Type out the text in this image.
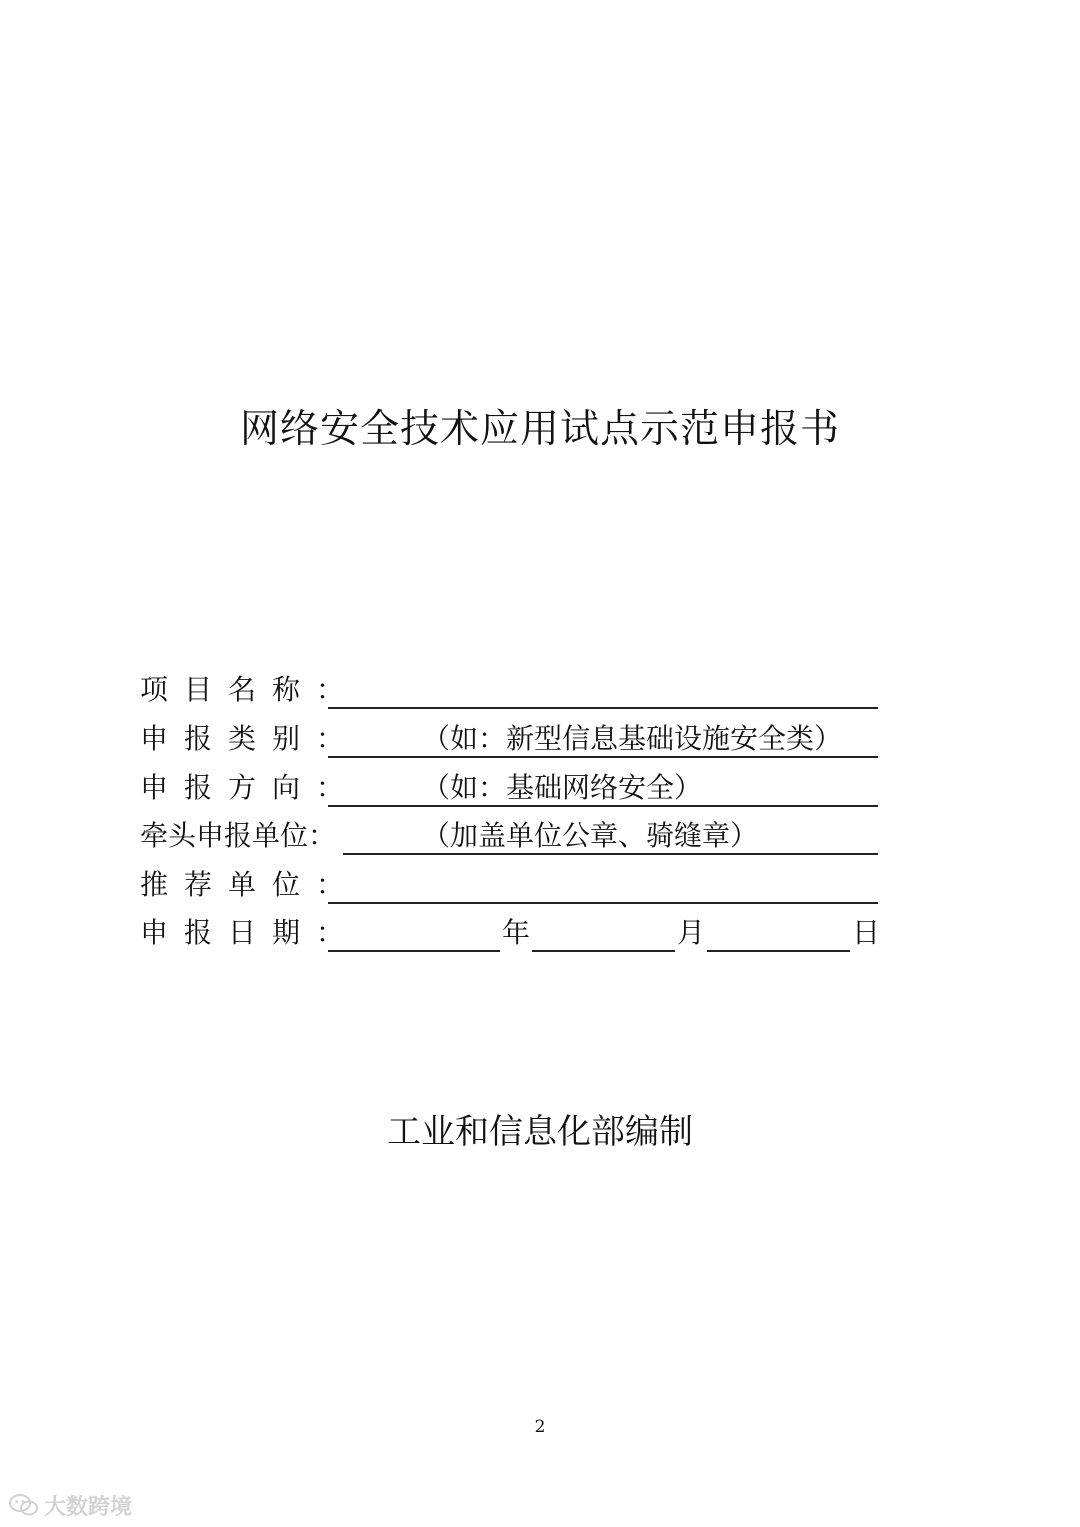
网络安全技术应用试点示范申报书
项目名称：
申报类别： （如：新型信息基础设施安全类）
申报方向： （如：基础网络安全）
牵头申报单位：	（加盖单位公章、骑缝章）
推荐单位：
申报日期：	年	月	日
工业和信息化部编制
2
大数跨境
